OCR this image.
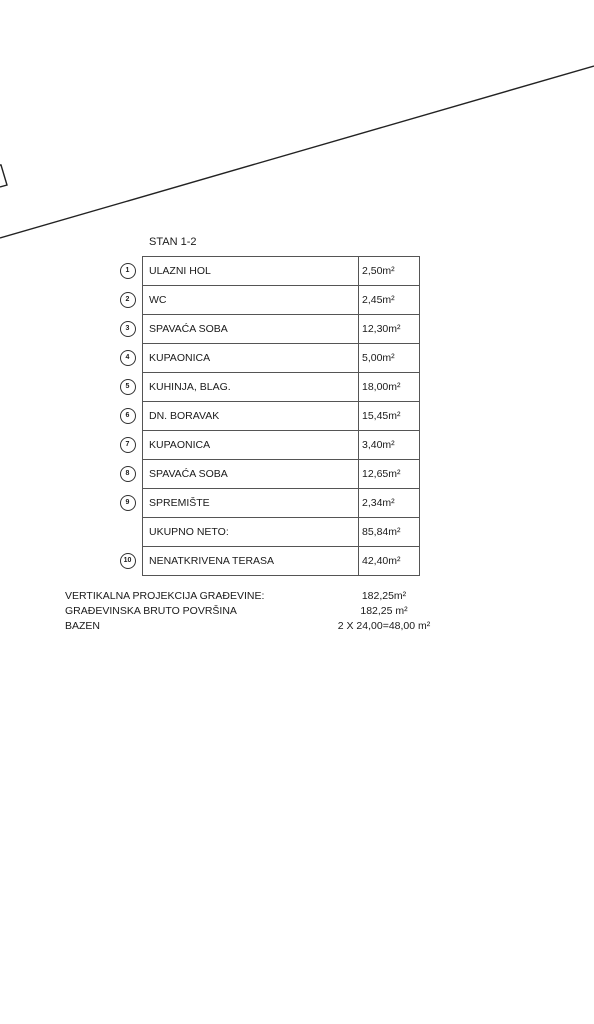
STAN 1-2
1	ULAZNI HOL	2,50m²
2	WC	2,45m²
3	SPAVAĆA SOBA	12,30m²
4	KUPAONICA	5,00m²
5	KUHINJA, BLAG.	18,00m²
6	DN. BORAVAK	15,45m²
7	KUPAONICA	3,40m²
8	SPAVAĆA SOBA	12,65m²
9	SPREMIŠTE	2,34m²
	UKUPNO NETO:	85,84m²
10	NENATKRIVENA TERASA	42,40m²
VERTIKALNA PROJEKCIJA GRAĐEVINE:	182,25m²
GRAĐEVINSKA BRUTO POVRŠINA	182,25 m²
BAZEN	2 X 24,00=48,00 m²
